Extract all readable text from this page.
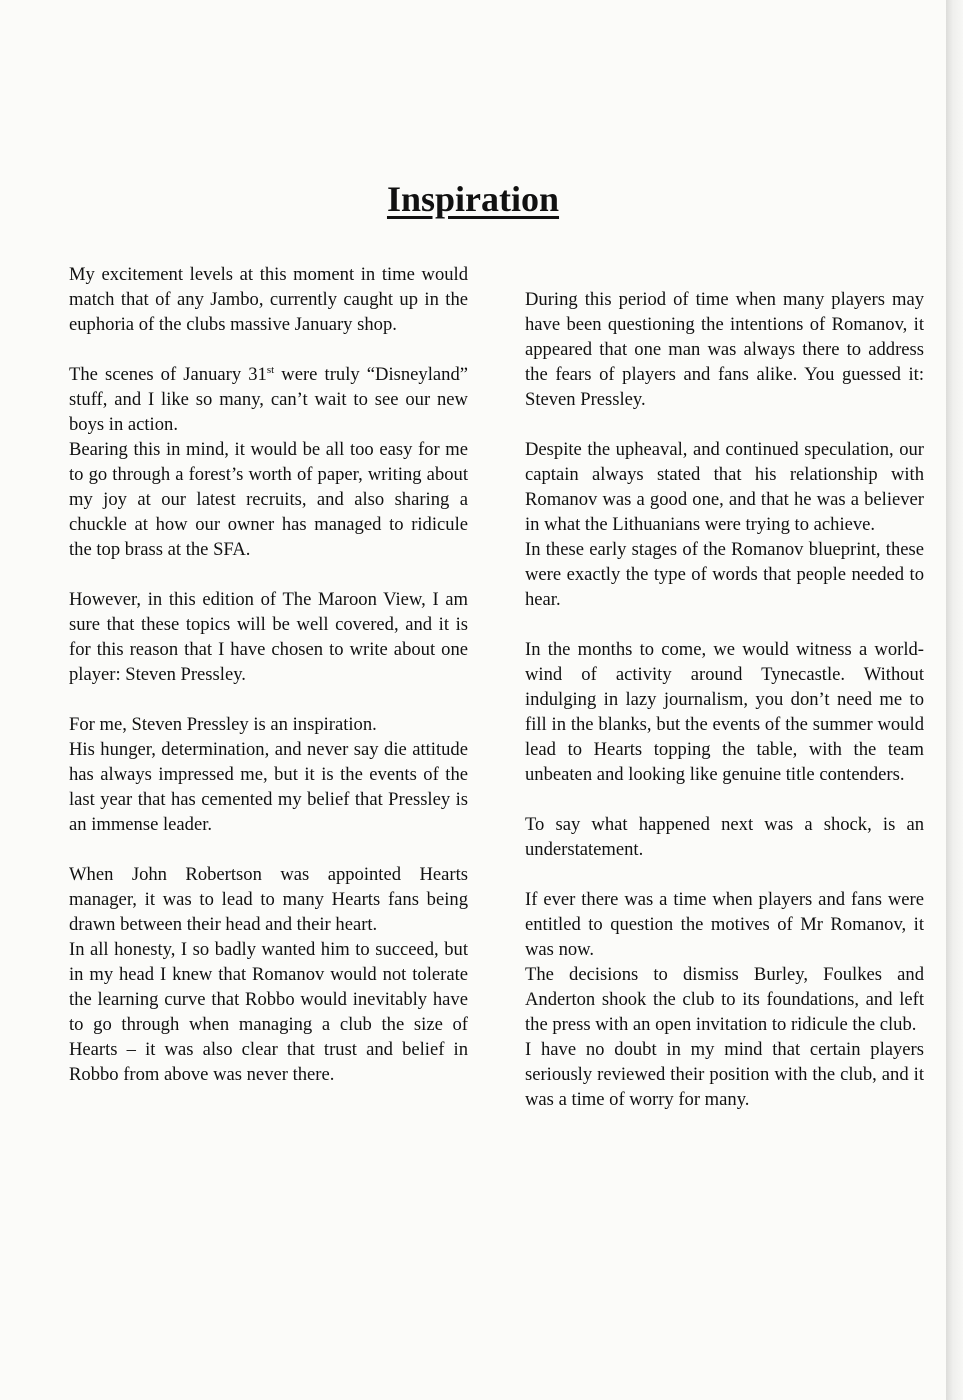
Inspiration

My excitement levels at this moment in time would match that of any Jambo, currently caught up in the euphoria of the clubs massive January shop.

The scenes of January 31st were truly “Disneyland” stuff, and I like so many, can’t wait to see our new boys in action.

Bearing this in mind, it would be all too easy for me to go through a forest’s worth of paper, writing about my joy at our latest recruits, and also sharing a chuckle at how our owner has managed to ridicule the top brass at the SFA.

However, in this edition of The Maroon View, I am sure that these topics will be well covered, and it is for this reason that I have chosen to write about one player: Steven Pressley.

For me, Steven Pressley is an inspiration.

His hunger, determination, and never say die attitude has always impressed me, but it is the events of the last year that has cemented my belief that Pressley is an immense leader.

When John Robertson was appointed Hearts manager, it was to lead to many Hearts fans being drawn between their head and their heart.

In all honesty, I so badly wanted him to succeed, but in my head I knew that Romanov would not tolerate the learning curve that Robbo would inevitably have to go through when managing a club the size of Hearts – it was also clear that trust and belief in Robbo from above was never there.

During this period of time when many players may have been questioning the intentions of Romanov, it appeared that one man was always there to address the fears of players and fans alike. You guessed it: Steven Pressley.

Despite the upheaval, and continued speculation, our captain always stated that his relationship with Romanov was a good one, and that he was a believer in what the Lithuanians were trying to achieve.

In these early stages of the Romanov blueprint, these were exactly the type of words that people needed to hear.

In the months to come, we would witness a world-wind of activity around Tynecastle. Without indulging in lazy journalism, you don’t need me to fill in the blanks, but the events of the summer would lead to Hearts topping the table, with the team unbeaten and looking like genuine title contenders.

To say what happened next was a shock, is an understatement.

If ever there was a time when players and fans were entitled to question the motives of Mr Romanov, it was now.

The decisions to dismiss Burley, Foulkes and Anderton shook the club to its foundations, and left the press with an open invitation to ridicule the club.

I have no doubt in my mind that certain players seriously reviewed their position with the club, and it was a time of worry for many.
